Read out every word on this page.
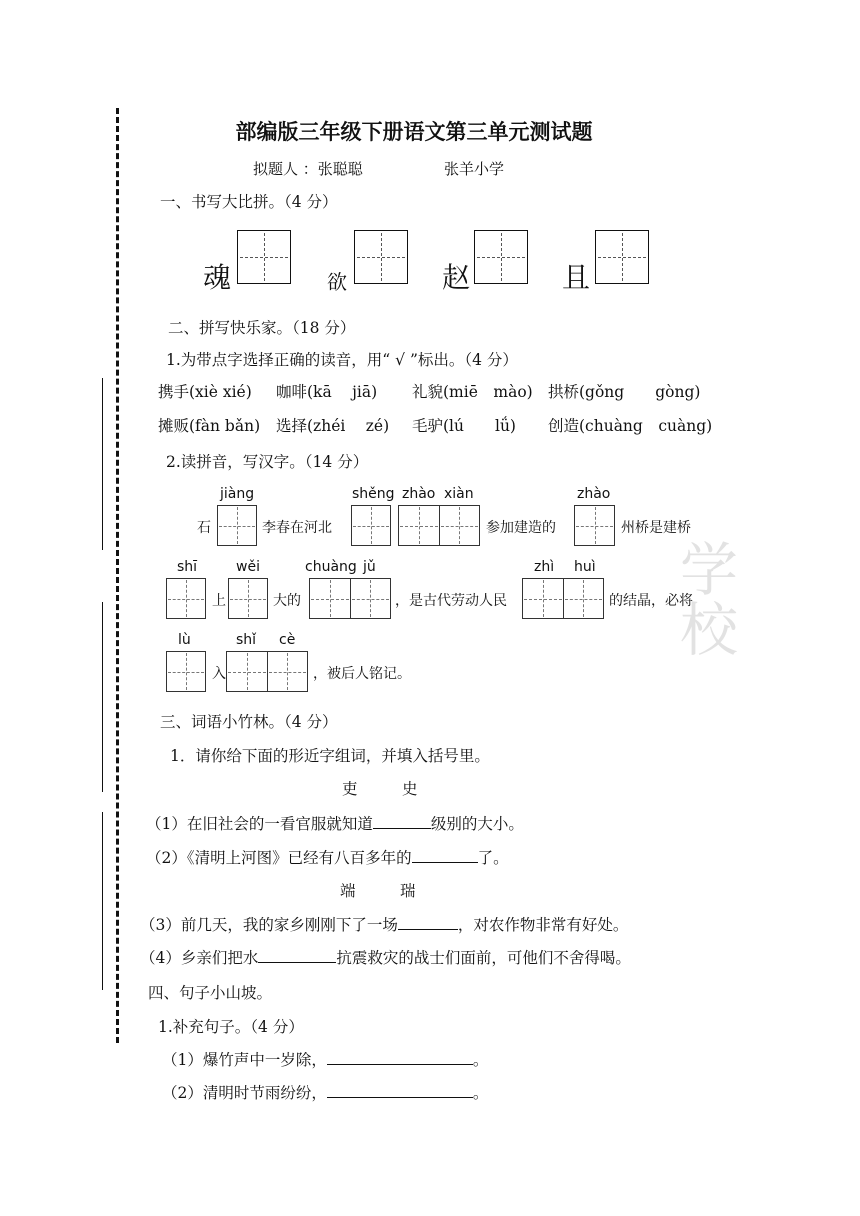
学校
部编版三年级下册语文第三单元测试题
拟题人 ：张聪聪	张羊小学
一、书写大比拼。（4 分）
魂	欲	赵	且
二、拼写快乐家。（18 分）
1.为带点字选择正确的读音，用“ √ ”标出。（4 分）
携手(xiè xié) 咖啡(kā　 jiā) 礼貌(miē　mào) 拱桥(gǒng　　gòng)
摊贩(fàn bǎn) 选择(zhéi　 zé) 毛驴(lú　　lǘ) 创造(chuàng　cuàng)
2.读拼音，写汉字。（14 分）
jiàng	shěng zhào xiàn	zhào
石	李春在河北	参加建造的	州桥是建桥
shī	wěi	chuàng jǔ	zhì huì
上	大的	，是古代劳动人民	的结晶，必将
lù	shǐ cè
入	，被后人铭记。
三、词语小竹林。（4 分）
1．请你给下面的形近字组词，并填入括号里。
吏	史
（1）在旧社会的一看官服就知道	级别的大小。
（2）《清明上河图》已经有八百多年的	了。
端	瑞
（3）前几天，我的家乡刚刚下了一场	，对农作物非常有好处。
（4）乡亲们把水	抗震救灾的战士们面前，可他们不舍得喝。
四、句子小山坡。
1.补充句子。（4 分）
（1）爆竹声中一岁除，	。
（2）清明时节雨纷纷，	。
